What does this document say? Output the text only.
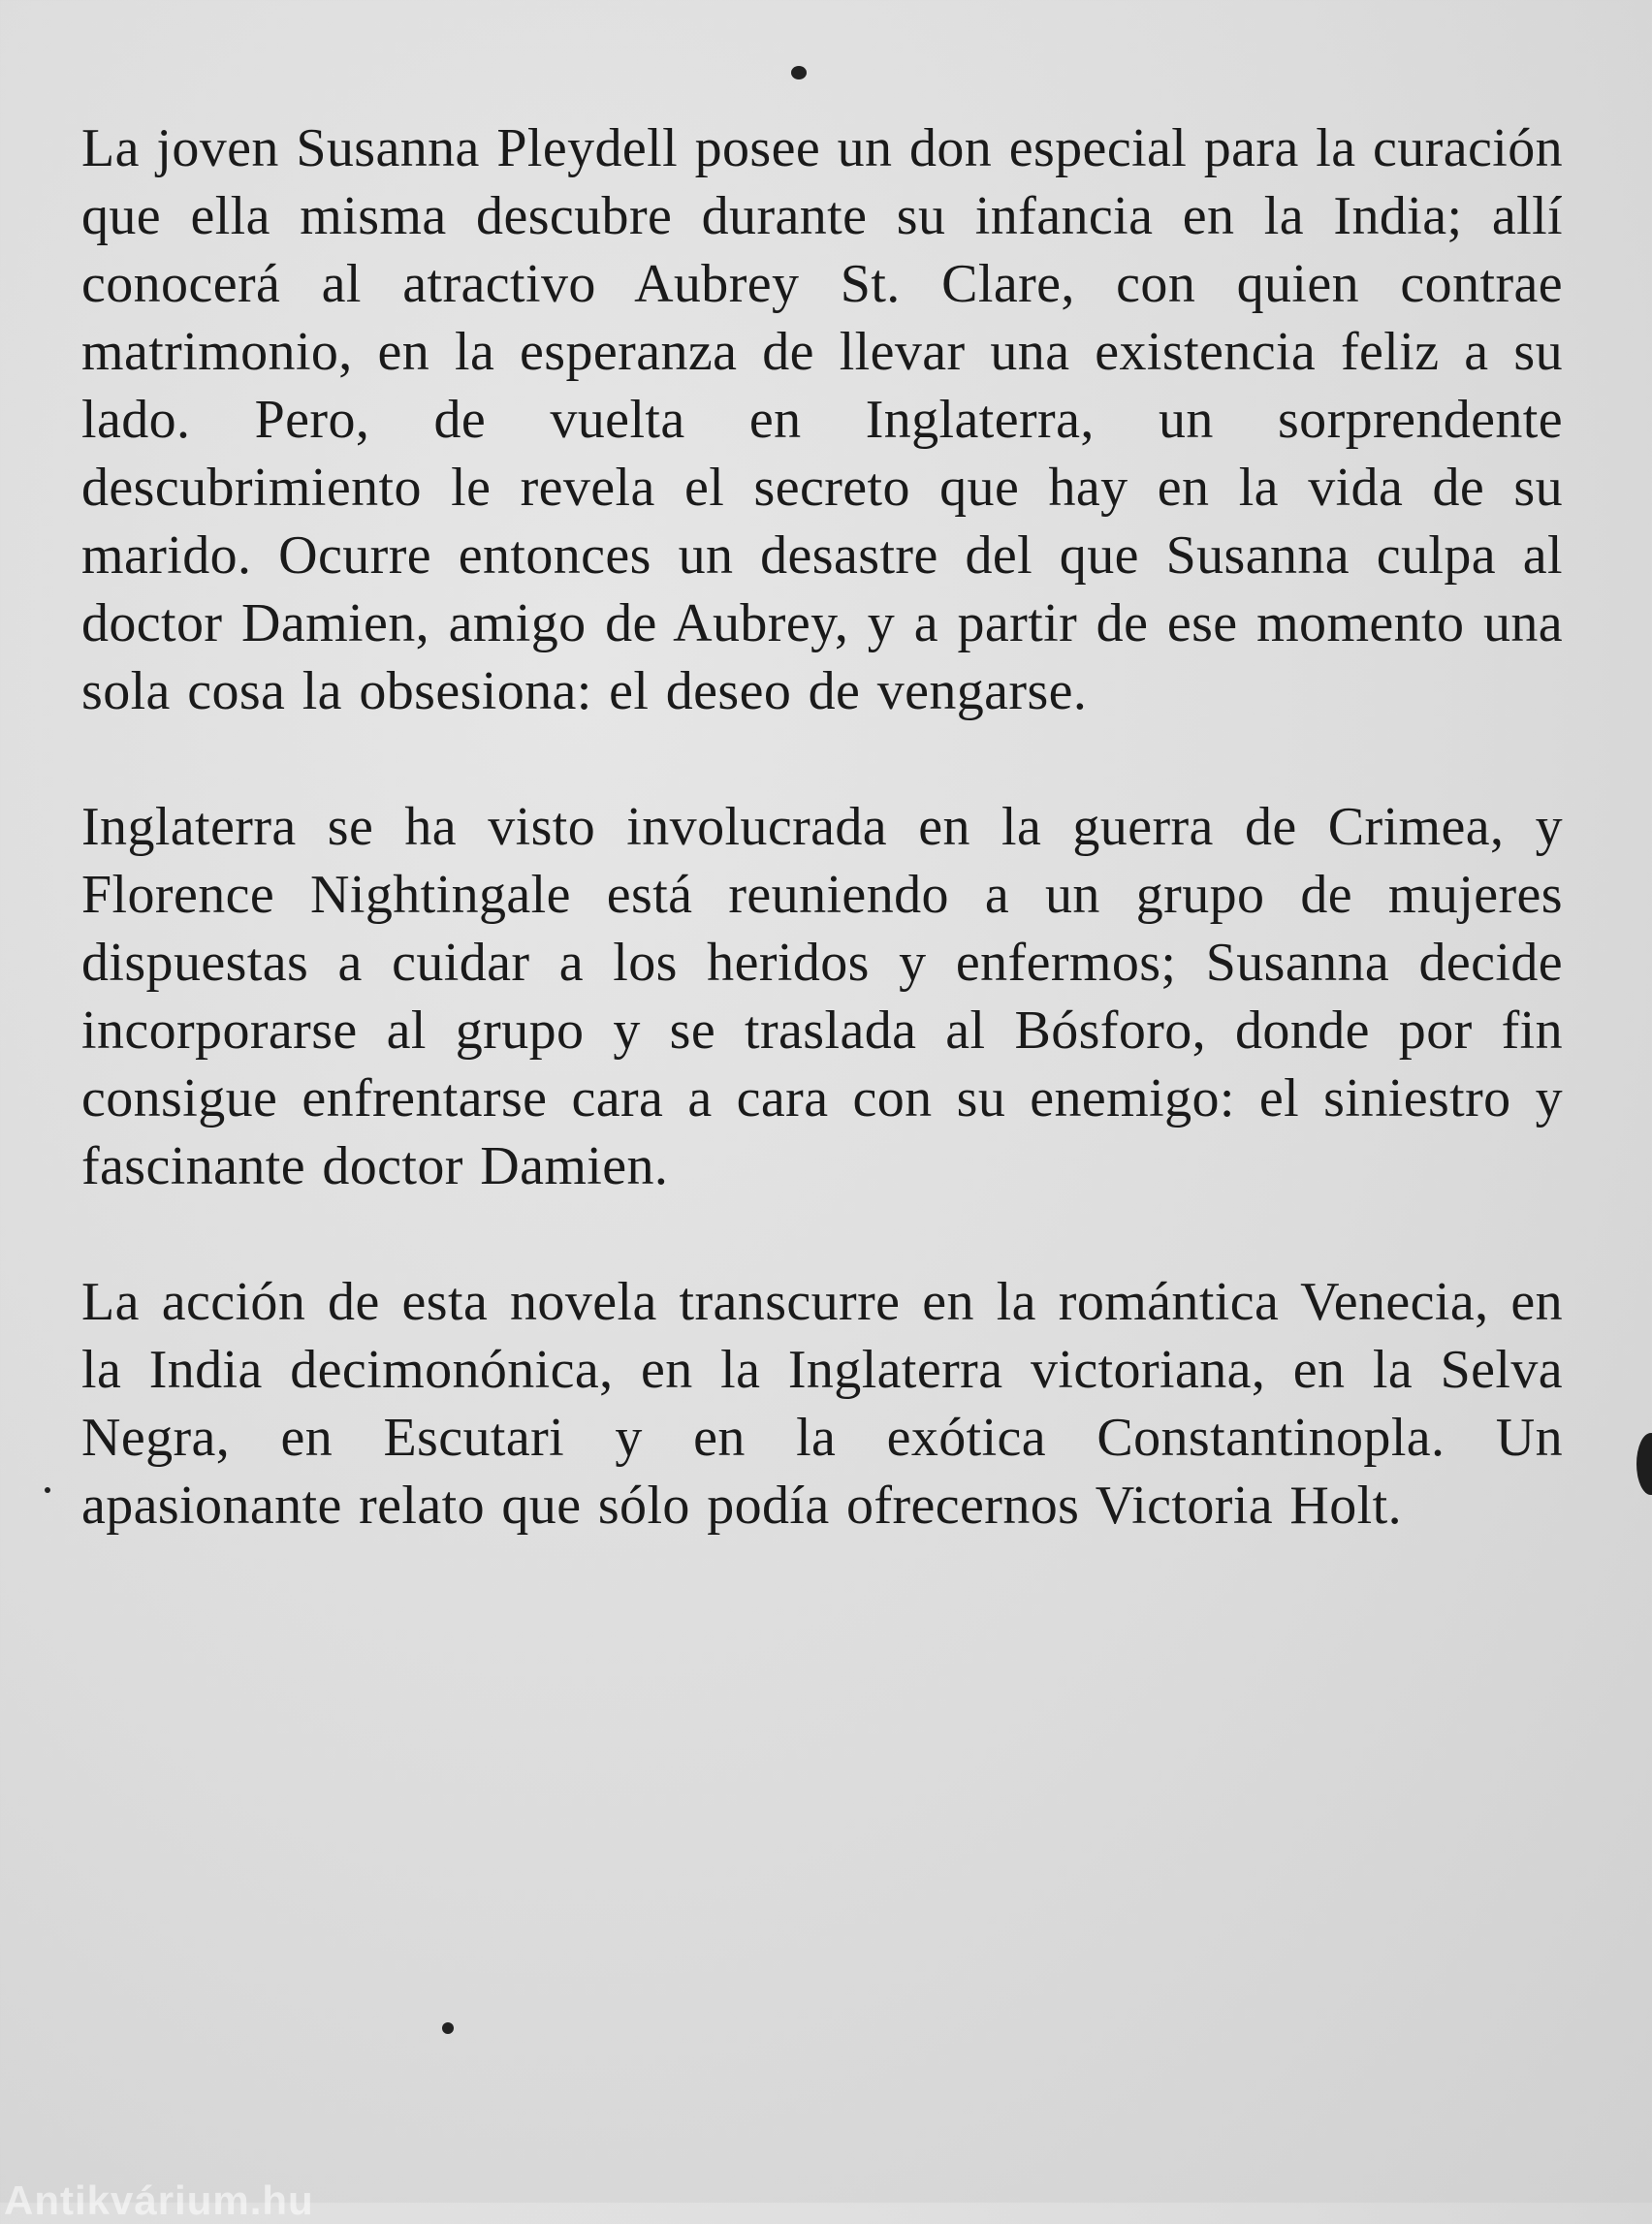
La joven Susanna Pleydell posee un don especial para la curación que ella misma descubre durante su infancia en la India; allí conocerá al atractivo Aubrey St. Clare, con quien contrae matrimonio, en la esperanza de llevar una existencia feliz a su lado. Pero, de vuelta en Inglaterra, un sorprendente descubrimiento le revela el secreto que hay en la vida de su marido. Ocurre entonces un desastre del que Susanna culpa al doctor Damien, amigo de Aubrey, y a partir de ese momento una sola cosa la obsesiona: el deseo de vengarse.

Inglaterra se ha visto involucrada en la guerra de Crimea, y Florence Nightingale está reuniendo a un grupo de mujeres dispuestas a cuidar a los heridos y enfermos; Susanna decide incorporarse al grupo y se traslada al Bósforo, donde por fin consigue enfrentarse cara a cara con su enemigo: el siniestro y fascinante doctor Damien.

La acción de esta novela transcurre en la romántica Venecia, en la India decimonónica, en la Inglaterra victoriana, en la Selva Negra, en Escutari y en la exótica Constantinopla. Un apasionante relato que sólo podía ofrecernos Victoria Holt.

Antikvárium.hu
